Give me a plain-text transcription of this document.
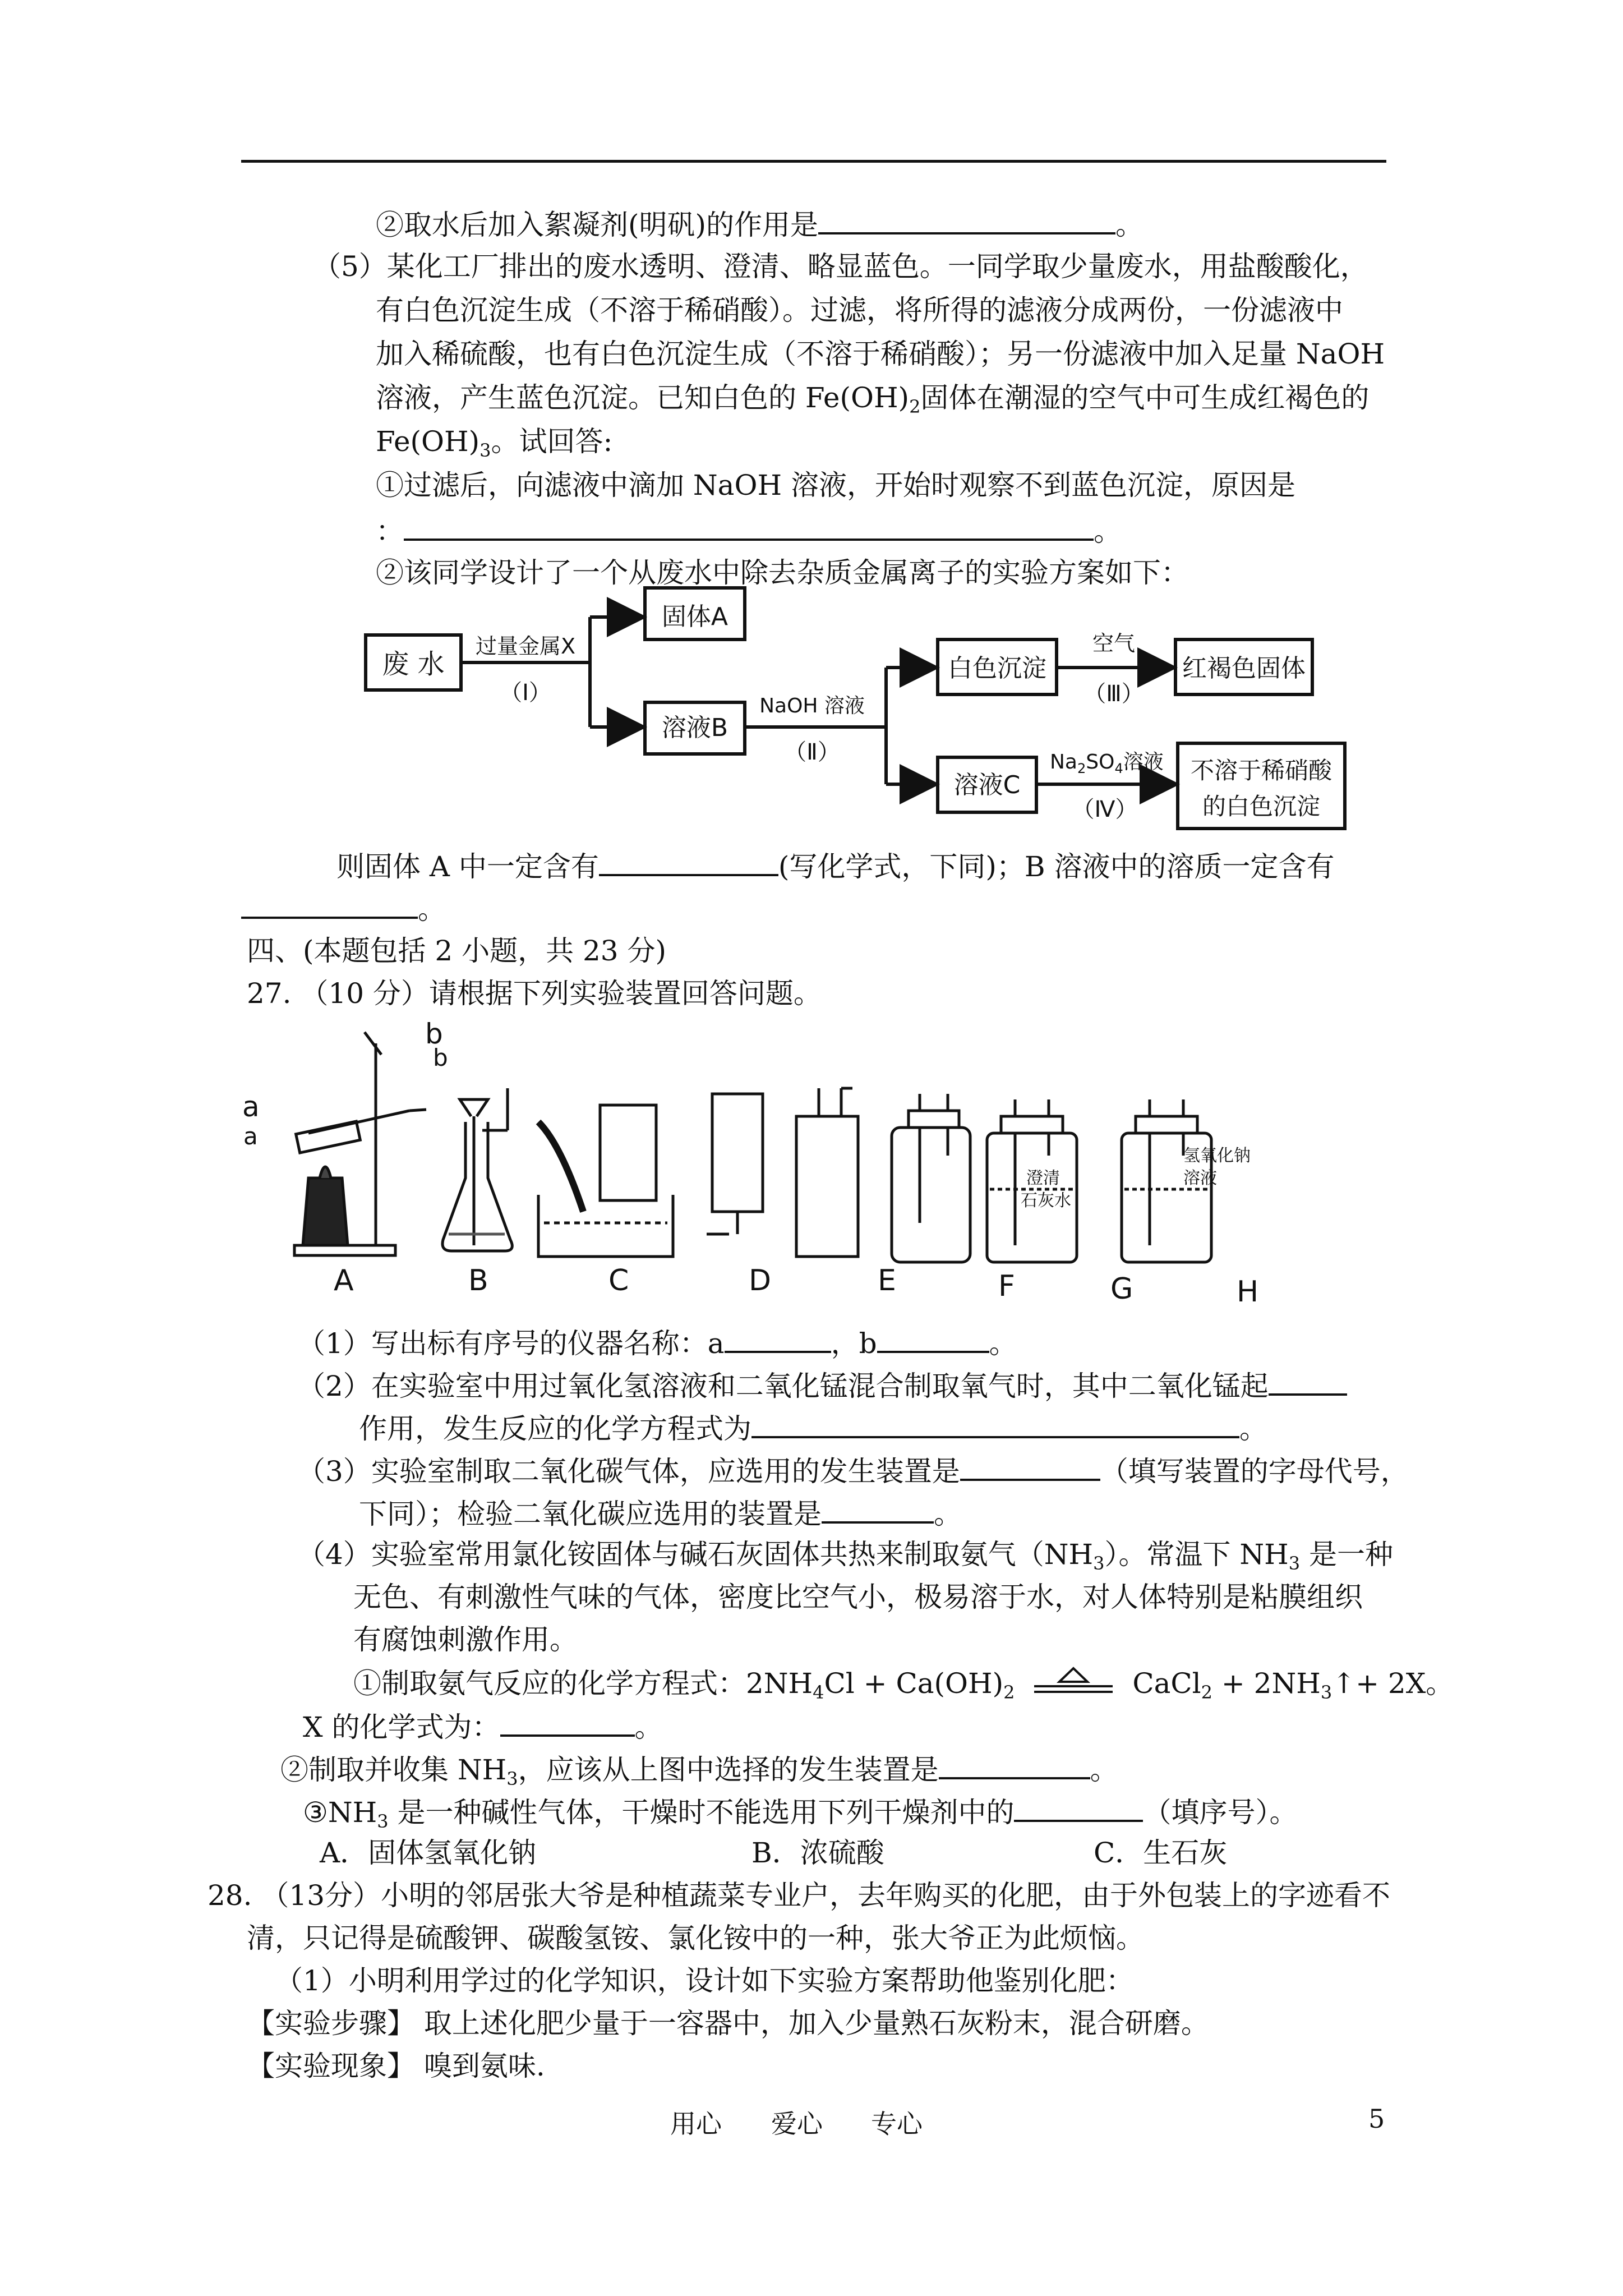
②取水后加入絮凝剂(明矾)的作用是	。
（5）某化工厂排出的废水透明、澄清、略显蓝色。一同学取少量废水，用盐酸酸化，
有白色沉淀生成（不溶于稀硝酸）。过滤，将所得的滤液分成两份，一份滤液中
加入稀硫酸，也有白色沉淀生成（不溶于稀硝酸）；另一份滤液中加入足量 NaOH
溶液，产生蓝色沉淀。已知白色的 $Fe(OH)_2$固体在潮湿的空气中可生成红褐色的
$Fe(OH)_3$。试回答:
①过滤后，向滤液中滴加 NaOH 溶液，开始时观察不到蓝色沉淀，原因是
：	。
②该同学设计了一个从废水中除去杂质金属离子的实验方案如下：
废 水
过量金属X
（Ⅰ）
固体A
溶液B
NaOH 溶液
（Ⅱ）
白色沉淀
空气
（Ⅲ）
红褐色固体
溶液C
$Na_2SO_4$溶液
（Ⅳ）
不溶于稀硝酸
的白色沉淀
则固体 A 中一定含有	(写化学式，下同)；B 溶液中的溶质一定含有
。
四、(本题包括 2 小题，共 23 分)
27. （10 分）请根据下列实验装置回答问题。
a
a
b
b
澄清
石灰水
氢氧化钠
溶液
A	B	C	D	E	F	G	H
（1）写出标有序号的仪器名称：a	，b	。
（2）在实验室中用过氧化氢溶液和二氧化锰混合制取氧气时，其中二氧化锰起
作用，发生反应的化学方程式为	。
（3）实验室制取二氧化碳气体，应选用的发生装置是	（填写装置的字母代号，
下同）；检验二氧化碳应选用的装置是	。
（4）实验室常用氯化铵固体与碱石灰固体共热来制取氨气$(NH_3)$。常温下 $NH_3$ 是一种
无色、有刺激性气味的气体，密度比空气小，极易溶于水，对人体特别是粘膜组织
有腐蚀刺激作用。
①制取氨气反应的化学方程式：$2NH_4Cl + Ca(OH)_2$	CaCl$_2$ + $2NH_3↑+ 2X$。
X 的化学式为：	。
②制取并收集 $NH_3$，应该从上图中选择的发生装置是	。
$③NH_3$ 是一种碱性气体，干燥时不能选用下列干燥剂中的	（填序号）。
A．固体氢氧化钠	B．浓硫酸	C．生石灰
28. （13分）小明的邻居张大爷是种植蔬菜专业户，去年购买的化肥，由于外包装上的字迹看不
清，只记得是硫酸钾、碳酸氢铵、氯化铵中的一种，张大爷正为此烦恼。
（1）小明利用学过的化学知识，设计如下实验方案帮助他鉴别化肥：
【实验步骤】 取上述化肥少量于一容器中，加入少量熟石灰粉末，混合研磨。
【实验现象】 嗅到氨味.
用心 爱心 专心	5
